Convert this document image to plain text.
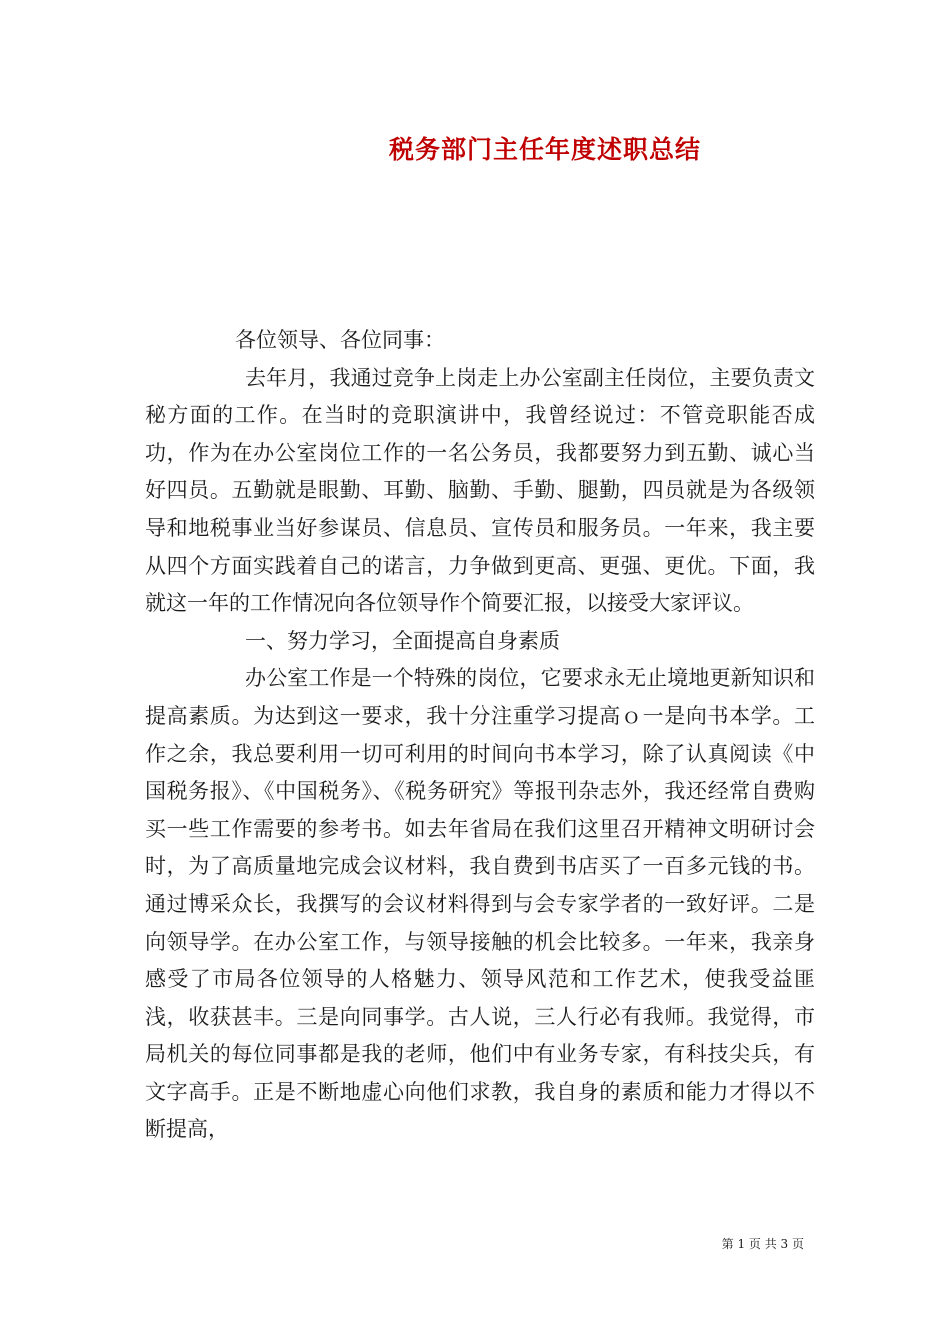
税务部门主任年度述职总结

各位领导、各位同事：

去年月，我通过竞争上岗走上办公室副主任岗位，主要负责文秘方面的工作。在当时的竞职演讲中，我曾经说过：不管竞职能否成功，作为在办公室岗位工作的一名公务员，我都要努力到五勤、诚心当好四员。五勤就是眼勤、耳勤、脑勤、手勤、腿勤，四员就是为各级领导和地税事业当好参谋员、信息员、宣传员和服务员。一年来，我主要从四个方面实践着自己的诺言，力争做到更高、更强、更优。下面，我就这一年的工作情况向各位领导作个简要汇报，以接受大家评议。

一、努力学习，全面提高自身素质

办公室工作是一个特殊的岗位，它要求永无止境地更新知识和提高素质。为达到这一要求，我十分注重学习提高ｏ一是向书本学。工作之余，我总要利用一切可利用的时间向书本学习，除了认真阅读《中国税务报》、《中国税务》、《税务研究》等报刊杂志外，我还经常自费购买一些工作需要的参考书。如去年省局在我们这里召开精神文明研讨会时，为了高质量地完成会议材料，我自费到书店买了一百多元钱的书。通过博采众长，我撰写的会议材料得到与会专家学者的一致好评。二是向领导学。在办公室工作，与领导接触的机会比较多。一年来，我亲身感受了市局各位领导的人格魅力、领导风范和工作艺术，使我受益匪浅，收获甚丰。三是向同事学。古人说，三人行必有我师。我觉得，市局机关的每位同事都是我的老师，他们中有业务专家，有科技尖兵，有文字高手。正是不断地虚心向他们求教，我自身的素质和能力才得以不断提高，

第 1 页 共 3 页
